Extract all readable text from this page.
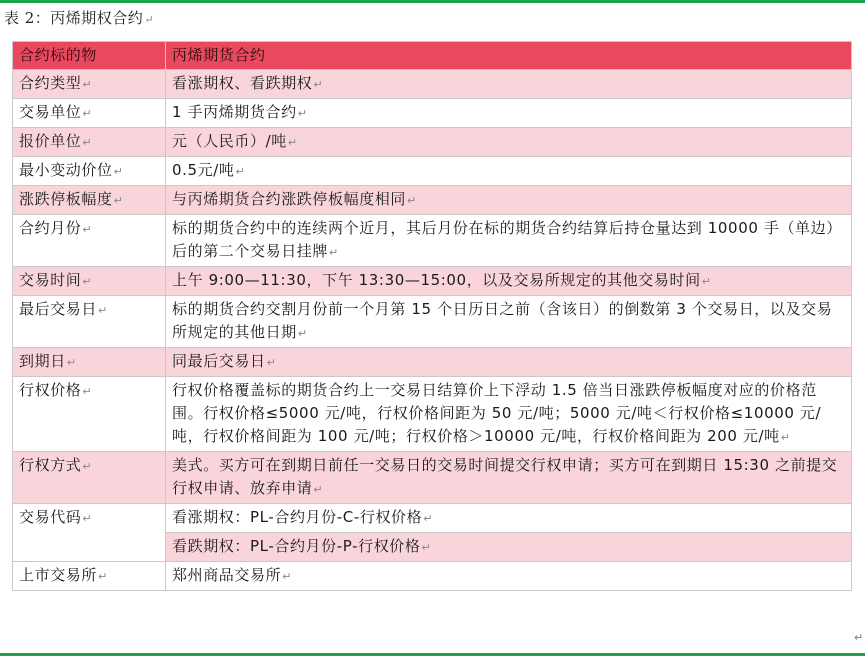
表 2：丙烯期权合约↵
合约标的物	丙烯期货合约
合约类型↵	看涨期权、看跌期权↵
交易单位↵	1 手丙烯期货合约↵
报价单位↵	元（人民币）/吨↵
最小变动价位↵	0.5元/吨↵
涨跌停板幅度↵	与丙烯期货合约涨跌停板幅度相同↵
合约月份↵	标的期货合约中的连续两个近月，其后月份在标的期货合约结算后持仓量达到 10000 手（单边）后的第二个交易日挂牌↵
交易时间↵	上午 9:00—11:30，下午 13:30—15:00，以及交易所规定的其他交易时间↵
最后交易日↵	标的期货合约交割月份前一个月第 15 个日历日之前（含该日）的倒数第 3 个交易日，以及交易所规定的其他日期↵
到期日↵	同最后交易日↵
行权价格↵	行权价格覆盖标的期货合约上一交易日结算价上下浮动 1.5 倍当日涨跌停板幅度对应的价格范围。行权价格≤5000 元/吨，行权价格间距为 50 元/吨；5000 元/吨＜行权价格≤10000 元/吨，行权价格间距为 100 元/吨；行权价格＞10000 元/吨，行权价格间距为 200 元/吨↵
行权方式↵	美式。买方可在到期日前任一交易日的交易时间提交行权申请；买方可在到期日 15:30 之前提交行权申请、放弃申请↵
交易代码↵	看涨期权：PL-合约月份-C-行权价格↵
	看跌期权：PL-合约月份-P-行权价格↵
上市交易所↵	郑州商品交易所↵
↵
